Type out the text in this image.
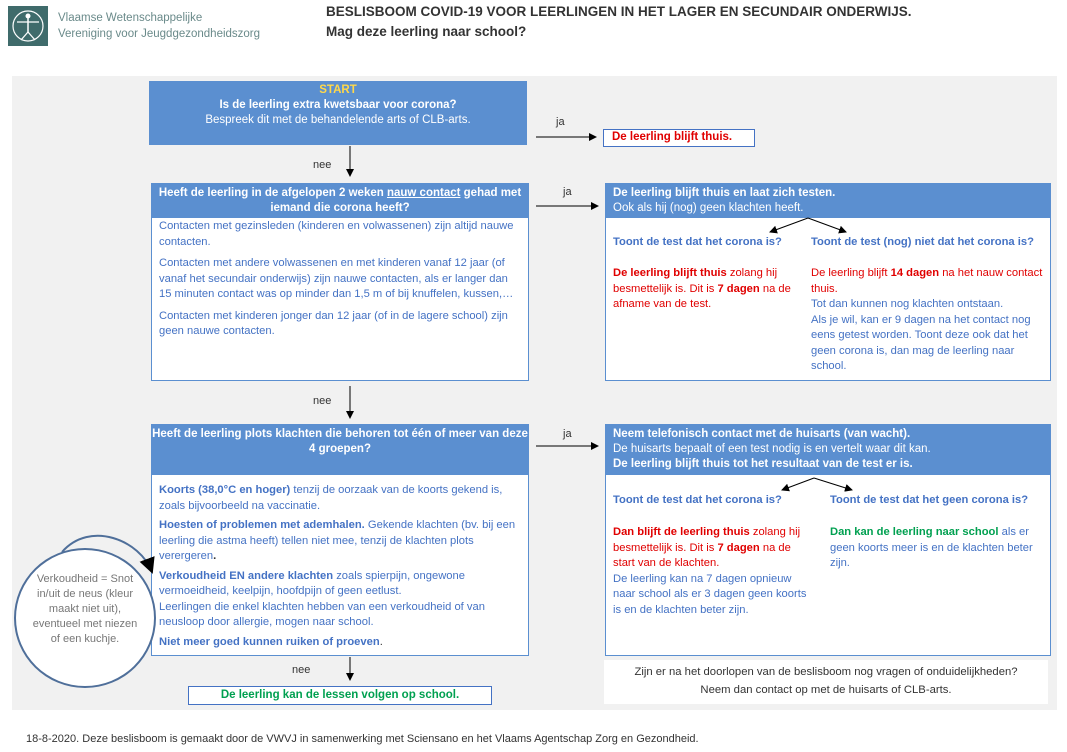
Vlaamse Wetenschappelijke
Vereniging voor Jeugdgezondheidszorg
BESLISBOOM COVID-19 VOOR LEERLINGEN IN HET LAGER EN SECUNDAIR ONDERWIJS.
Mag deze leerling naar school?
START
Is de leerling extra kwetsbaar voor corona?
Bespreek dit met de behandelende arts of CLB-arts.
De leerling blijft thuis.
Heeft de leerling in de afgelopen 2 weken nauw contact gehad met iemand die corona heeft?
Contacten met gezinsleden (kinderen en volwassenen) zijn altijd nauwe contacten.
Contacten met andere volwassenen en met kinderen vanaf 12 jaar (of vanaf het secundair onderwijs) zijn nauwe contacten, als er langer dan 15 minuten contact was op minder dan 1,5 m of bij knuffelen, kussen,…
Contacten met kinderen jonger dan 12 jaar (of in de lagere school) zijn geen nauwe contacten.
De leerling blijft thuis en laat zich testen.
Ook als hij (nog) geen klachten heeft.
Toont de test dat het corona is?
De leerling blijft thuis zolang hij besmettelijk is. Dit is 7 dagen na de afname van de test.
Toont de test (nog) niet dat het corona is?
De leerling blijft 14 dagen na het nauw contact thuis.
Tot dan kunnen nog klachten ontstaan.
Als je wil, kan er 9 dagen na het contact nog eens getest worden. Toont deze ook dat het geen corona is, dan mag de leerling naar school.
Heeft de leerling plots klachten die behoren tot één of meer van deze 4 groepen?
Koorts (38,0°C en hoger) tenzij de oorzaak van de koorts gekend is, zoals bijvoorbeeld na vaccinatie.
Hoesten of problemen met ademhalen. Gekende klachten (bv. bij een leerling die astma heeft) tellen niet mee, tenzij de klachten plots verergeren.
Verkoudheid EN andere klachten zoals spierpijn, ongewone vermoeidheid, keelpijn, hoofdpijn of geen eetlust.
Leerlingen die enkel klachten hebben van een verkoudheid of van neusloop door allergie, mogen naar school.
Niet meer goed kunnen ruiken of proeven.
Neem telefonisch contact met de huisarts (van wacht).
De huisarts bepaalt of een test nodig is en vertelt waar dit kan.
De leerling blijft thuis tot het resultaat van de test er is.
Toont de test dat het corona is?
Dan blijft de leerling thuis zolang hij besmettelijk is. Dit is 7 dagen na de start van de klachten.
De leerling kan na 7 dagen opnieuw naar school als er 3 dagen geen koorts is en de klachten beter zijn.
Toont de test dat het geen corona is?
Dan kan de leerling naar school als er geen koorts meer is en de klachten beter zijn.
Verkoudheid = Snot in/uit de neus (kleur maakt niet uit), eventueel met niezen of een kuchje.
De leerling kan de lessen volgen op school.
Zijn er na het doorlopen van de beslisboom nog vragen of onduidelijkheden?
Neem dan contact op met de huisarts of CLB-arts.
ja
ja
ja
nee
nee
nee
18-8-2020. Deze beslisboom is gemaakt door de VWVJ in samenwerking met Sciensano en het Vlaams Agentschap Zorg en Gezondheid.
